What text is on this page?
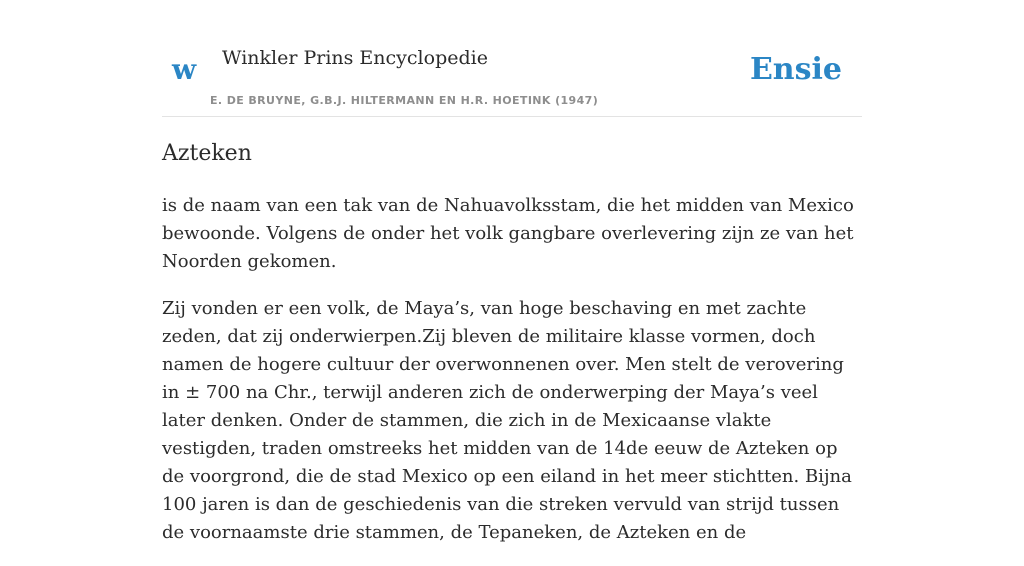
w Winkler Prins Encyclopedie
E. DE BRUYNE, G.B.J. HILTERMANN EN H.R. HOETINK (1947)
Ensie
Azteken

is de naam van een tak van de Nahuavolksstam, die het midden van Mexico bewoonde. Volgens de onder het volk gangbare overlevering zijn ze van het Noorden gekomen.

Zij vonden er een volk, de Maya’s, van hoge beschaving en met zachte zeden, dat zij onderwierpen.Zij bleven de militaire klasse vormen, doch namen de hogere cultuur der overwonnenen over. Men stelt de verovering in ± 700 na Chr., terwijl anderen zich de onderwerping der Maya’s veel later denken. Onder de stammen, die zich in de Mexicaanse vlakte vestigden, traden omstreeks het midden van de 14de eeuw de Azteken op de voorgrond, die de stad Mexico op een eiland in het meer stichtten. Bijna 100 jaren is dan de geschiedenis van die streken vervuld van strijd tussen de voornaamste drie stammen, de Tepaneken, de Azteken en de
